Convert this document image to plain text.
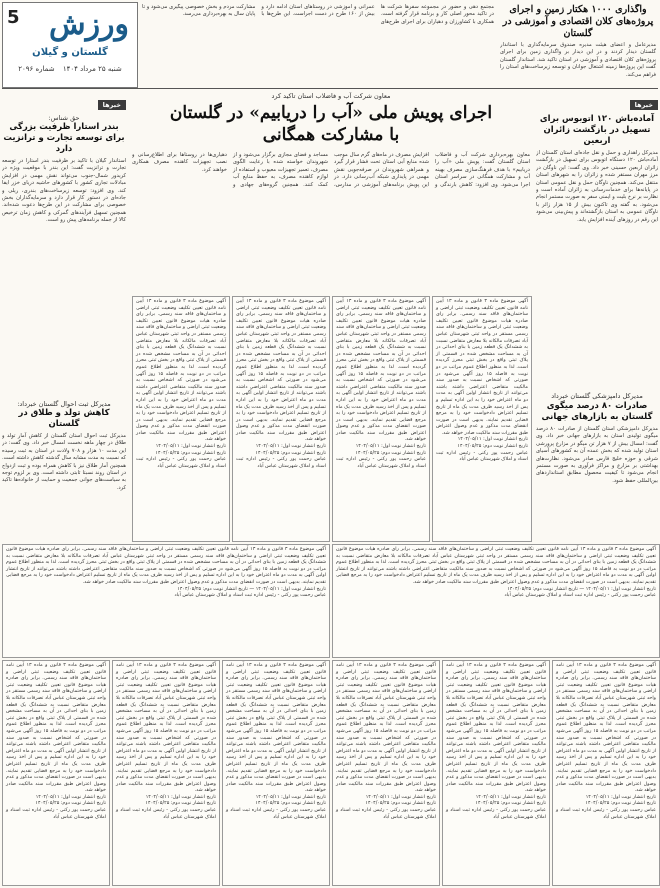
5 ورزش
گلستان و گیلان
شنبه ۲۵ مرداد ۱۴۰۴ شماره ۲۰۹۶

مجتمع دهی و حضور در مجموعه سفرها شرکت ها در تاکید محور اصلی کار و برنامه قرار گرفته است. همکاری با کشاورزان و دهیاران برای اجرای طرح‌های عمرانی و آموزشی در روستاهای استان ادامه دارد و بیش از ۱۶۰ طرح در دست اجراست. این طرح‌ها با مشارکت مردم و بخش خصوصی پیگیری می‌شود و تا پایان سال به بهره‌برداری می‌رسد.	واگذاری ۱۰۰۰ هکتار زمین و اجرای پروژه‌های کلان اقتصادی و آموزشی در گلستان
مدیرعامل و اعضای هیئت مدیره صندوق سرمایه‌گذاری با استاندار گلستان دیدار کردند و در این دیدار بر واگذاری زمین برای اجرای پروژه‌های کلان اقتصادی و آموزشی در استان تاکید شد. استاندار گلستان گفت این پروژه‌ها زمینه اشتغال جوانان و توسعه زیرساخت‌های استان را فراهم می‌کند.
خبرها
آماده‌باش ۱۲۰ اتوبوس برای تسهیل در بازگشت زائران اربعین
مدیرکل راهداری و حمل و نقل جاده‌ای استان گلستان از آماده‌باش ۱۲۰ دستگاه اتوبوس برای تسهیل در بازگشت زائران اربعین حسینی خبر داد. وی گفت: این ناوگان در مرز مهران مستقر شده و زائران را به شهرهای استان منتقل می‌کند. همچنین ناوگان حمل و نقل عمومی استان در پایانه‌ها برای خدمات‌رسانی به زائران آماده است و نظارت بر نرخ بلیت و ایمنی سفر به صورت مستمر انجام می‌شود. به گفته وی تاکنون بیش از ۱۵ هزار زائر با ناوگان عمومی به استان بازگشته‌اند و پیش‌بینی می‌شود این رقم در روزهای آینده افزایش یابد.
مدیرکل دامپزشکی گلستان خبرداد
صادرات ۸۰ درصد میگوی گلستان به بازارهای جهانی
مدیرکل دامپزشکی استان گلستان از صادرات ۸۰ درصد میگوی تولیدی استان به بازارهای جهانی خبر داد. وی گفت: امسال بیش از ۷ هزار تن میگو در مزارع پرورشی استان تولید شده که بخش عمده آن به کشورهای آسیای شرقی و حوزه خلیج فارس صادر می‌شود. نظارت‌های بهداشتی بر مزارع و مراکز فرآوری به صورت مستمر انجام می‌شود تا کیفیت محصول مطابق استانداردهای بین‌المللی حفظ شود.
خبرها
حق شناس:
بندر استارا ظرفیت بزرگی برای توسعه تجارت و ترانزیت دارد
استاندار گیلان با تاکید بر ظرفیت بندر آستارا در توسعه تجارت و ترانزیت گفت: این بندر با موقعیت ویژه در کریدور شمال-جنوب می‌تواند نقش مهمی در افزایش مبادلات تجاری کشور با کشورهای حاشیه دریای خزر ایفا کند. وی افزود: توسعه زیرساخت‌های بندری، ریلی و جاده‌ای در دستور کار قرار دارد و سرمایه‌گذاران بخش خصوصی برای مشارکت در این طرح‌ها دعوت شده‌اند. همچنین تسهیل فرآیندهای گمرکی و کاهش زمان ترخیص کالا از جمله برنامه‌های پیش رو است.
مدیرکل ثبت احوال گلستان خبرداد:
کاهش تولد و طلاق در گلستان
مدیرکل ثبت احوال استان گلستان از کاهش آمار تولد و طلاق در چهار ماهه نخست امسال خبر داد. وی گفت: در این مدت ۱۰ هزار و ۷۰۸ ولادت در استان به ثبت رسیده که نسبت به مدت مشابه سال گذشته کاهش داشته است. همچنین آمار طلاق نیز با کاهش همراه بوده و ثبت ازدواج در استان روند نسبتا ثابتی داشته است. وی بر لزوم توجه به سیاست‌های جوانی جمعیت و حمایت از خانواده‌ها تاکید کرد.
معاون شرکت آب و فاضلاب استان تاکید کرد
اجرای پویش ملی «آب را دریابیم» در گلستان
با مشارکت همگانی
معاون بهره‌برداری شرکت آب و فاضلاب استان گلستان گفت: پویش ملی «آب را دریابیم» با هدف فرهنگ‌سازی مصرف بهینه آب و مشارکت همگانی در سراسر استان اجرا می‌شود. وی افزود: کاهش بارندگی و افزایش مصرف در ماه‌های گرم سال موجب شده منابع آبی استان تحت فشار قرار گیرد و همراهی شهروندان در صرفه‌جویی نقش مهمی در پایداری شبکه آب‌رسانی دارد. در این پویش برنامه‌های آموزشی در مدارس، مساجد و فضای مجازی برگزار می‌شود و از شهروندان خواسته شده با رعایت الگوی مصرف، تعمیر تجهیزات معیوب و استفاده از لوازم کاهنده مصرف، به حفظ منابع آب کمک کنند. همچنین گروه‌های جهادی و دهیاری‌ها در روستاها برای اطلاع‌رسانی و نصب تجهیزات کاهنده مصرف همکاری خواهند کرد.
آگهی موضوع ماده ۳ قانون و ماده ۱۳ آیین نامه قانون تعیین تکلیف وضعیت ثبتی اراضی و ساختمان‌های فاقد سند رسمی. برابر رای صادره هیات موضوع قانون تعیین تکلیف وضعیت ثبتی اراضی و ساختمان‌های فاقد سند رسمی مستقر در واحد ثبتی شهرستان عباس آباد تصرفات مالکانه بلا معارض متقاضی نسبت به ششدانگ یک قطعه زمین با بنای احداثی در آن به مساحت مشخص شده در قسمتی از پلاک ثبتی واقع در بخش ثبتی محرز گردیده است. لذا به منظور اطلاع عموم مراتب در دو نوبت به فاصله ۱۵ روز آگهی می‌شود در صورتی که اشخاص نسبت به صدور سند مالکیت متقاضی اعتراضی داشته باشند می‌توانند از تاریخ انتشار اولین آگهی به مدت دو ماه اعتراض خود را به این اداره تسلیم و پس از اخذ رسید ظرف مدت یک ماه از تاریخ تسلیم اعتراض دادخواست خود را به مرجع قضایی تقدیم نمایند. بدیهی است در صورت انقضای مدت مذکور و عدم وصول اعتراض طبق مقررات سند مالکیت صادر خواهد شد.
تاریخ انتشار نوبت اول: ۱۴۰۴/۰۵/۱۱
تاریخ انتشار نوبت دوم: ۱۴۰۴/۰۵/۲۵
عباس رحمت پور رکنی - رئیس اداره ثبت اسناد و املاک شهرستان عباس آباد
آگهی موضوع ماده ۳ قانون و ماده ۱۳ آیین نامه قانون تعیین تکلیف وضعیت ثبتی اراضی و ساختمان‌های فاقد سند رسمی. برابر رای صادره هیات موضوع قانون تعیین تکلیف وضعیت ثبتی اراضی و ساختمان‌های فاقد سند رسمی مستقر در واحد ثبتی شهرستان عباس آباد تصرفات مالکانه بلا معارض متقاضی نسبت به ششدانگ یک قطعه زمین با بنای احداثی در آن به مساحت مشخص شده در قسمتی از پلاک ثبتی واقع در بخش ثبتی محرز گردیده است. لذا به منظور اطلاع عموم مراتب در دو نوبت به فاصله ۱۵ روز آگهی می‌شود در صورتی که اشخاص نسبت به صدور سند مالکیت متقاضی اعتراضی داشته باشند می‌توانند از تاریخ انتشار اولین آگهی به مدت دو ماه اعتراض خود را به این اداره تسلیم و پس از اخذ رسید ظرف مدت یک ماه از تاریخ تسلیم اعتراض دادخواست خود را به مرجع قضایی تقدیم نمایند. بدیهی است در صورت انقضای مدت مذکور و عدم وصول اعتراض طبق مقررات سند مالکیت صادر خواهد شد.
تاریخ انتشار نوبت اول: ۱۴۰۴/۰۵/۱۱
تاریخ انتشار نوبت دوم: ۱۴۰۴/۰۵/۲۵
عباس رحمت پور رکنی - رئیس اداره ثبت اسناد و املاک شهرستان عباس آباد
آگهی موضوع ماده ۳ قانون و ماده ۱۳ آیین نامه قانون تعیین تکلیف وضعیت ثبتی اراضی و ساختمان‌های فاقد سند رسمی. برابر رای صادره هیات موضوع قانون تعیین تکلیف وضعیت ثبتی اراضی و ساختمان‌های فاقد سند رسمی مستقر در واحد ثبتی شهرستان عباس آباد تصرفات مالکانه بلا معارض متقاضی نسبت به ششدانگ یک قطعه زمین با بنای احداثی در آن به مساحت مشخص شده در قسمتی از پلاک ثبتی واقع در بخش ثبتی محرز گردیده است. لذا به منظور اطلاع عموم مراتب در دو نوبت به فاصله ۱۵ روز آگهی می‌شود در صورتی که اشخاص نسبت به صدور سند مالکیت متقاضی اعتراضی داشته باشند می‌توانند از تاریخ انتشار اولین آگهی به مدت دو ماه اعتراض خود را به این اداره تسلیم و پس از اخذ رسید ظرف مدت یک ماه از تاریخ تسلیم اعتراض دادخواست خود را به مرجع قضایی تقدیم نمایند. بدیهی است در صورت انقضای مدت مذکور و عدم وصول اعتراض طبق مقررات سند مالکیت صادر خواهد شد.
تاریخ انتشار نوبت اول: ۱۴۰۴/۰۵/۱۱
تاریخ انتشار نوبت دوم: ۱۴۰۴/۰۵/۲۵
عباس رحمت پور رکنی - رئیس اداره ثبت اسناد و املاک شهرستان عباس آباد
آگهی موضوع ماده ۳ قانون و ماده ۱۳ آیین نامه قانون تعیین تکلیف وضعیت ثبتی اراضی و ساختمان‌های فاقد سند رسمی. برابر رای صادره هیات موضوع قانون تعیین تکلیف وضعیت ثبتی اراضی و ساختمان‌های فاقد سند رسمی مستقر در واحد ثبتی شهرستان عباس آباد تصرفات مالکانه بلا معارض متقاضی نسبت به ششدانگ یک قطعه زمین با بنای احداثی در آن به مساحت مشخص شده در قسمتی از پلاک ثبتی واقع در بخش ثبتی محرز گردیده است. لذا به منظور اطلاع عموم مراتب در دو نوبت به فاصله ۱۵ روز آگهی می‌شود در صورتی که اشخاص نسبت به صدور سند مالکیت متقاضی اعتراضی داشته باشند می‌توانند از تاریخ انتشار اولین آگهی به مدت دو ماه اعتراض خود را به این اداره تسلیم و پس از اخذ رسید ظرف مدت یک ماه از تاریخ تسلیم اعتراض دادخواست خود را به مرجع قضایی تقدیم نمایند. بدیهی است در صورت انقضای مدت مذکور و عدم وصول اعتراض طبق مقررات سند مالکیت صادر خواهد شد.
تاریخ انتشار نوبت اول: ۱۴۰۴/۰۵/۱۱
تاریخ انتشار نوبت دوم: ۱۴۰۴/۰۵/۲۵
عباس رحمت پور رکنی - رئیس اداره ثبت اسناد و املاک شهرستان عباس آباد
آگهی موضوع ماده ۳ قانون و ماده ۱۳ آیین نامه قانون تعیین تکلیف وضعیت ثبتی اراضی و ساختمان‌های فاقد سند رسمی. برابر رای صادره هیات موضوع قانون تعیین تکلیف وضعیت ثبتی اراضی و ساختمان‌های فاقد سند رسمی مستقر در واحد ثبتی شهرستان عباس آباد تصرفات مالکانه بلا معارض متقاضی نسبت به ششدانگ یک قطعه زمین با بنای احداثی در آن به مساحت مشخص شده در قسمتی از پلاک ثبتی واقع در بخش ثبتی محرز گردیده است. لذا به منظور اطلاع عموم مراتب در دو نوبت به فاصله ۱۵ روز آگهی می‌شود در صورتی که اشخاص نسبت به صدور سند مالکیت متقاضی اعتراضی داشته باشند می‌توانند از تاریخ انتشار اولین آگهی به مدت دو ماه اعتراض خود را به این اداره تسلیم و پس از اخذ رسید ظرف مدت یک ماه از تاریخ تسلیم اعتراض دادخواست خود را به مرجع قضایی تقدیم نمایند. بدیهی است در صورت انقضای مدت مذکور و عدم وصول اعتراض طبق مقررات سند مالکیت صادر خواهد شد.
تاریخ انتشار نوبت اول: ۱۴۰۴/۰۵/۱۱ — تاریخ انتشار نوبت دوم: ۱۴۰۴/۰۵/۲۵
عباس رحمت پور رکنی - رئیس اداره ثبت اسناد و املاک شهرستان عباس آباد
آگهی موضوع ماده ۳ قانون و ماده ۱۳ آیین نامه قانون تعیین تکلیف وضعیت ثبتی اراضی و ساختمان‌های فاقد سند رسمی. برابر رای صادره هیات موضوع قانون تعیین تکلیف وضعیت ثبتی اراضی و ساختمان‌های فاقد سند رسمی مستقر در واحد ثبتی شهرستان عباس آباد تصرفات مالکانه بلا معارض متقاضی نسبت به ششدانگ یک قطعه زمین با بنای احداثی در آن به مساحت مشخص شده در قسمتی از پلاک ثبتی واقع در بخش ثبتی محرز گردیده است. لذا به منظور اطلاع عموم مراتب در دو نوبت به فاصله ۱۵ روز آگهی می‌شود در صورتی که اشخاص نسبت به صدور سند مالکیت متقاضی اعتراضی داشته باشند می‌توانند از تاریخ انتشار اولین آگهی به مدت دو ماه اعتراض خود را به این اداره تسلیم و پس از اخذ رسید ظرف مدت یک ماه از تاریخ تسلیم اعتراض دادخواست خود را به مرجع قضایی تقدیم نمایند. بدیهی است در صورت انقضای مدت مذکور و عدم وصول اعتراض طبق مقررات سند مالکیت صادر خواهد شد.
تاریخ انتشار نوبت اول: ۱۴۰۴/۰۵/۱۱ — تاریخ انتشار نوبت دوم: ۱۴۰۴/۰۵/۲۵
عباس رحمت پور رکنی - رئیس اداره ثبت اسناد و املاک شهرستان عباس آباد
آگهی موضوع ماده ۳ قانون و ماده ۱۳ آیین نامه قانون تعیین تکلیف وضعیت ثبتی اراضی و ساختمان‌های فاقد سند رسمی. برابر رای صادره هیات موضوع قانون تعیین تکلیف وضعیت ثبتی اراضی و ساختمان‌های فاقد سند رسمی مستقر در واحد ثبتی شهرستان عباس آباد تصرفات مالکانه بلا معارض متقاضی نسبت به ششدانگ یک قطعه زمین با بنای احداثی در آن به مساحت مشخص شده در قسمتی از پلاک ثبتی واقع در بخش ثبتی محرز گردیده است. لذا به منظور اطلاع عموم مراتب در دو نوبت به فاصله ۱۵ روز آگهی می‌شود در صورتی که اشخاص نسبت به صدور سند مالکیت متقاضی اعتراضی داشته باشند می‌توانند از تاریخ انتشار اولین آگهی به مدت دو ماه اعتراض خود را به این اداره تسلیم و پس از اخذ رسید ظرف مدت یک ماه از تاریخ تسلیم اعتراض دادخواست خود را به مرجع قضایی تقدیم نمایند. بدیهی است در صورت انقضای مدت مذکور و عدم وصول اعتراض طبق مقررات سند مالکیت صادر خواهد شد.
تاریخ انتشار نوبت اول: ۱۴۰۴/۰۵/۱۱
تاریخ انتشار نوبت دوم: ۱۴۰۴/۰۵/۲۵
عباس رحمت پور رکنی - رئیس اداره ثبت اسناد و املاک شهرستان عباس آباد
آگهی موضوع ماده ۳ قانون و ماده ۱۳ آیین نامه قانون تعیین تکلیف وضعیت ثبتی اراضی و ساختمان‌های فاقد سند رسمی. برابر رای صادره هیات موضوع قانون تعیین تکلیف وضعیت ثبتی اراضی و ساختمان‌های فاقد سند رسمی مستقر در واحد ثبتی شهرستان عباس آباد تصرفات مالکانه بلا معارض متقاضی نسبت به ششدانگ یک قطعه زمین با بنای احداثی در آن به مساحت مشخص شده در قسمتی از پلاک ثبتی واقع در بخش ثبتی محرز گردیده است. لذا به منظور اطلاع عموم مراتب در دو نوبت به فاصله ۱۵ روز آگهی می‌شود در صورتی که اشخاص نسبت به صدور سند مالکیت متقاضی اعتراضی داشته باشند می‌توانند از تاریخ انتشار اولین آگهی به مدت دو ماه اعتراض خود را به این اداره تسلیم و پس از اخذ رسید ظرف مدت یک ماه از تاریخ تسلیم اعتراض دادخواست خود را به مرجع قضایی تقدیم نمایند. بدیهی است در صورت انقضای مدت مذکور و عدم وصول اعتراض طبق مقررات سند مالکیت صادر خواهد شد.
تاریخ انتشار نوبت اول: ۱۴۰۴/۰۵/۱۱
تاریخ انتشار نوبت دوم: ۱۴۰۴/۰۵/۲۵
عباس رحمت پور رکنی - رئیس اداره ثبت اسناد و املاک شهرستان عباس آباد
آگهی موضوع ماده ۳ قانون و ماده ۱۳ آیین نامه قانون تعیین تکلیف وضعیت ثبتی اراضی و ساختمان‌های فاقد سند رسمی. برابر رای صادره هیات موضوع قانون تعیین تکلیف وضعیت ثبتی اراضی و ساختمان‌های فاقد سند رسمی مستقر در واحد ثبتی شهرستان عباس آباد تصرفات مالکانه بلا معارض متقاضی نسبت به ششدانگ یک قطعه زمین با بنای احداثی در آن به مساحت مشخص شده در قسمتی از پلاک ثبتی واقع در بخش ثبتی محرز گردیده است. لذا به منظور اطلاع عموم مراتب در دو نوبت به فاصله ۱۵ روز آگهی می‌شود در صورتی که اشخاص نسبت به صدور سند مالکیت متقاضی اعتراضی داشته باشند می‌توانند از تاریخ انتشار اولین آگهی به مدت دو ماه اعتراض خود را به این اداره تسلیم و پس از اخذ رسید ظرف مدت یک ماه از تاریخ تسلیم اعتراض دادخواست خود را به مرجع قضایی تقدیم نمایند. بدیهی است در صورت انقضای مدت مذکور و عدم وصول اعتراض طبق مقررات سند مالکیت صادر خواهد شد.
تاریخ انتشار نوبت اول: ۱۴۰۴/۰۵/۱۱
تاریخ انتشار نوبت دوم: ۱۴۰۴/۰۵/۲۵
عباس رحمت پور رکنی - رئیس اداره ثبت اسناد و املاک شهرستان عباس آباد
آگهی موضوع ماده ۳ قانون و ماده ۱۳ آیین نامه قانون تعیین تکلیف وضعیت ثبتی اراضی و ساختمان‌های فاقد سند رسمی. برابر رای صادره هیات موضوع قانون تعیین تکلیف وضعیت ثبتی اراضی و ساختمان‌های فاقد سند رسمی مستقر در واحد ثبتی شهرستان عباس آباد تصرفات مالکانه بلا معارض متقاضی نسبت به ششدانگ یک قطعه زمین با بنای احداثی در آن به مساحت مشخص شده در قسمتی از پلاک ثبتی واقع در بخش ثبتی محرز گردیده است. لذا به منظور اطلاع عموم مراتب در دو نوبت به فاصله ۱۵ روز آگهی می‌شود در صورتی که اشخاص نسبت به صدور سند مالکیت متقاضی اعتراضی داشته باشند می‌توانند از تاریخ انتشار اولین آگهی به مدت دو ماه اعتراض خود را به این اداره تسلیم و پس از اخذ رسید ظرف مدت یک ماه از تاریخ تسلیم اعتراض دادخواست خود را به مرجع قضایی تقدیم نمایند. بدیهی است در صورت انقضای مدت مذکور و عدم وصول اعتراض طبق مقررات سند مالکیت صادر خواهد شد.
تاریخ انتشار نوبت اول: ۱۴۰۴/۰۵/۱۱
تاریخ انتشار نوبت دوم: ۱۴۰۴/۰۵/۲۵
عباس رحمت پور رکنی - رئیس اداره ثبت اسناد و املاک شهرستان عباس آباد
آگهی موضوع ماده ۳ قانون و ماده ۱۳ آیین نامه قانون تعیین تکلیف وضعیت ثبتی اراضی و ساختمان‌های فاقد سند رسمی. برابر رای صادره هیات موضوع قانون تعیین تکلیف وضعیت ثبتی اراضی و ساختمان‌های فاقد سند رسمی مستقر در واحد ثبتی شهرستان عباس آباد تصرفات مالکانه بلا معارض متقاضی نسبت به ششدانگ یک قطعه زمین با بنای احداثی در آن به مساحت مشخص شده در قسمتی از پلاک ثبتی واقع در بخش ثبتی محرز گردیده است. لذا به منظور اطلاع عموم مراتب در دو نوبت به فاصله ۱۵ روز آگهی می‌شود در صورتی که اشخاص نسبت به صدور سند مالکیت متقاضی اعتراضی داشته باشند می‌توانند از تاریخ انتشار اولین آگهی به مدت دو ماه اعتراض خود را به این اداره تسلیم و پس از اخذ رسید ظرف مدت یک ماه از تاریخ تسلیم اعتراض دادخواست خود را به مرجع قضایی تقدیم نمایند. بدیهی است در صورت انقضای مدت مذکور و عدم وصول اعتراض طبق مقررات سند مالکیت صادر خواهد شد.
تاریخ انتشار نوبت اول: ۱۴۰۴/۰۵/۱۱
تاریخ انتشار نوبت دوم: ۱۴۰۴/۰۵/۲۵
عباس رحمت پور رکنی - رئیس اداره ثبت اسناد و املاک شهرستان عباس آباد
آگهی موضوع ماده ۳ قانون و ماده ۱۳ آیین نامه قانون تعیین تکلیف وضعیت ثبتی اراضی و ساختمان‌های فاقد سند رسمی. برابر رای صادره هیات موضوع قانون تعیین تکلیف وضعیت ثبتی اراضی و ساختمان‌های فاقد سند رسمی مستقر در واحد ثبتی شهرستان عباس آباد تصرفات مالکانه بلا معارض متقاضی نسبت به ششدانگ یک قطعه زمین با بنای احداثی در آن به مساحت مشخص شده در قسمتی از پلاک ثبتی واقع در بخش ثبتی محرز گردیده است. لذا به منظور اطلاع عموم مراتب در دو نوبت به فاصله ۱۵ روز آگهی می‌شود در صورتی که اشخاص نسبت به صدور سند مالکیت متقاضی اعتراضی داشته باشند می‌توانند از تاریخ انتشار اولین آگهی به مدت دو ماه اعتراض خود را به این اداره تسلیم و پس از اخذ رسید ظرف مدت یک ماه از تاریخ تسلیم اعتراض دادخواست خود را به مرجع قضایی تقدیم نمایند. بدیهی است در صورت انقضای مدت مذکور و عدم وصول اعتراض طبق مقررات سند مالکیت صادر خواهد شد.
تاریخ انتشار نوبت اول: ۱۴۰۴/۰۵/۱۱
تاریخ انتشار نوبت دوم: ۱۴۰۴/۰۵/۲۵
عباس رحمت پور رکنی - رئیس اداره ثبت اسناد و املاک شهرستان عباس آباد
